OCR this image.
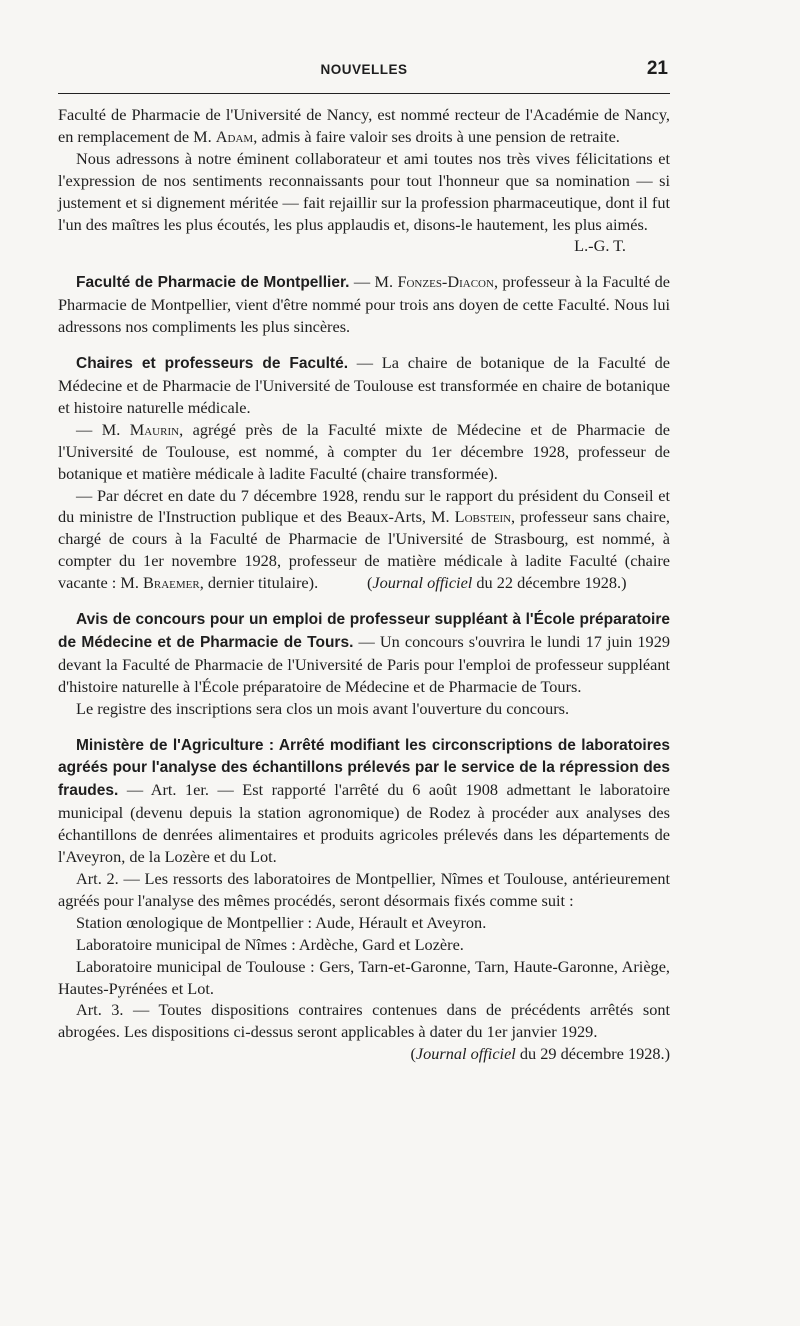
NOUVELLES	21

Faculté de Pharmacie de l'Université de Nancy, est nommé recteur de l'Académie de Nancy, en remplacement de M. Adam, admis à faire valoir ses droits à une pension de retraite.

Nous adressons à notre éminent collaborateur et ami toutes nos très vives félicitations et l'expression de nos sentiments reconnaissants pour tout l'honneur que sa nomination — si justement et si dignement méritée — fait rejaillir sur la profession pharmaceutique, dont il fut l'un des maîtres les plus écoutés, les plus applaudis et, disons-le hautement, les plus aimés.

L.-G. T.

Faculté de Pharmacie de Montpellier. — M. Fonzes-Diacon, professeur à la Faculté de Pharmacie de Montpellier, vient d'être nommé pour trois ans doyen de cette Faculté. Nous lui adressons nos compliments les plus sincères.

Chaires et professeurs de Faculté. — La chaire de botanique de la Faculté de Médecine et de Pharmacie de l'Université de Toulouse est transformée en chaire de botanique et histoire naturelle médicale.

— M. Maurin, agrégé près de la Faculté mixte de Médecine et de Pharmacie de l'Université de Toulouse, est nommé, à compter du 1er décembre 1928, professeur de botanique et matière médicale à ladite Faculté (chaire transformée).

— Par décret en date du 7 décembre 1928, rendu sur le rapport du président du Conseil et du ministre de l'Instruction publique et des Beaux-Arts, M. Lobstein, professeur sans chaire, chargé de cours à la Faculté de Pharmacie de l'Université de Strasbourg, est nommé, à compter du 1er novembre 1928, professeur de matière médicale à ladite Faculté (chaire vacante : M. Braemer, dernier titulaire).   (Journal officiel du 22 décembre 1928.)

Avis de concours pour un emploi de professeur suppléant à l'École préparatoire de Médecine et de Pharmacie de Tours. — Un concours s'ouvrira le lundi 17 juin 1929 devant la Faculté de Pharmacie de l'Université de Paris pour l'emploi de professeur suppléant d'histoire naturelle à l'École préparatoire de Médecine et de Pharmacie de Tours.

Le registre des inscriptions sera clos un mois avant l'ouverture du concours.

Ministère de l'Agriculture : Arrêté modifiant les circonscriptions de laboratoires agréés pour l'analyse des échantillons prélevés par le service de la répression des fraudes. — Art. 1er. — Est rapporté l'arrêté du 6 août 1908 admettant le laboratoire municipal (devenu depuis la station agronomique) de Rodez à procéder aux analyses des échantillons de denrées alimentaires et produits agricoles prélevés dans les départements de l'Aveyron, de la Lozère et du Lot.

Art. 2. — Les ressorts des laboratoires de Montpellier, Nîmes et Toulouse, antérieurement agréés pour l'analyse des mêmes procédés, seront désormais fixés comme suit :

Station œnologique de Montpellier : Aude, Hérault et Aveyron.

Laboratoire municipal de Nîmes : Ardèche, Gard et Lozère.

Laboratoire municipal de Toulouse : Gers, Tarn-et-Garonne, Tarn, Haute-Garonne, Ariège, Hautes-Pyrénées et Lot.

Art. 3. — Toutes dispositions contraires contenues dans de précédents arrêtés sont abrogées. Les dispositions ci-dessus seront applicables à dater du 1er janvier 1929.

(Journal officiel du 29 décembre 1928.)
